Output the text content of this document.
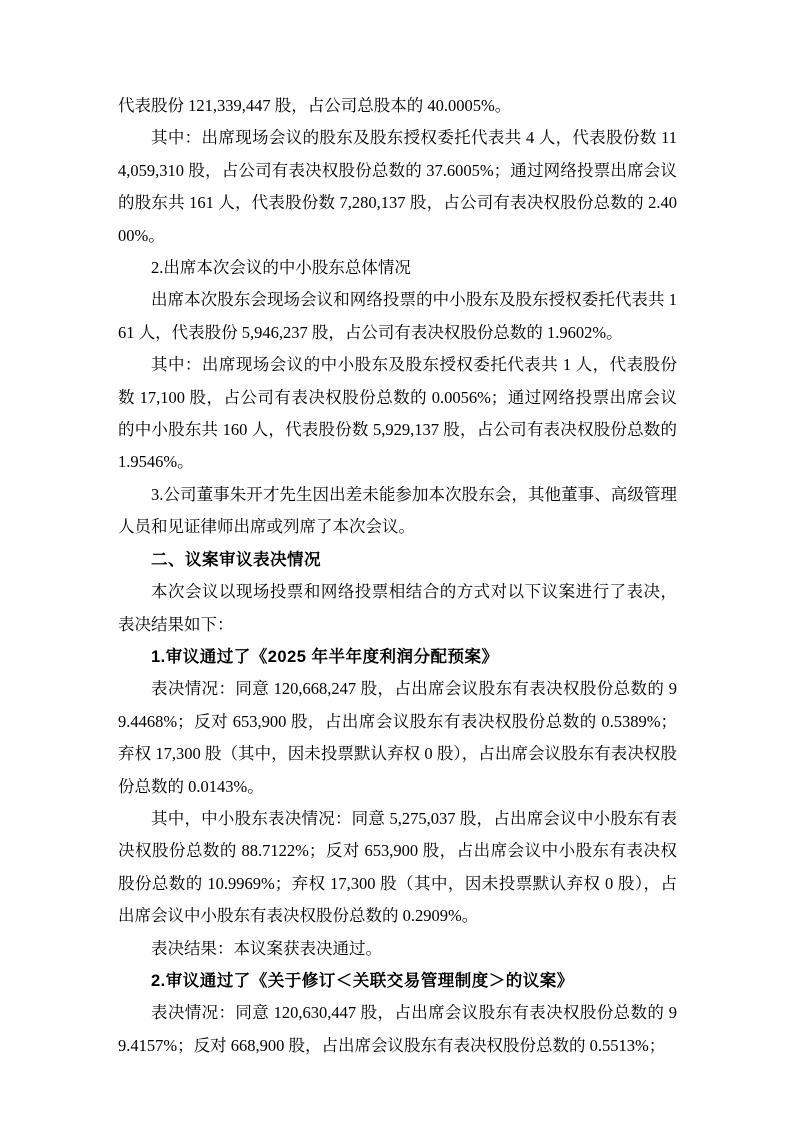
代表股份 121,339,447 股，占公司总股本的 40.0005%。

其中：出席现场会议的股东及股东授权委托代表共 4 人，代表股份数 114,059,310 股，占公司有表决权股份总数的 37.6005%；通过网络投票出席会议的股东共 161 人，代表股份数 7,280,137 股，占公司有表决权股份总数的 2.4000%。

2.出席本次会议的中小股东总体情况

出席本次股东会现场会议和网络投票的中小股东及股东授权委托代表共 161 人，代表股份 5,946,237 股，占公司有表决权股份总数的 1.9602%。

其中：出席现场会议的中小股东及股东授权委托代表共 1 人，代表股份数 17,100 股，占公司有表决权股份总数的 0.0056%；通过网络投票出席会议的中小股东共 160 人，代表股份数 5,929,137 股，占公司有表决权股份总数的 1.9546%。

3.公司董事朱开才先生因出差未能参加本次股东会，其他董事、高级管理人员和见证律师出席或列席了本次会议。

二、议案审议表决情况

本次会议以现场投票和网络投票相结合的方式对以下议案进行了表决，表决结果如下：

1.审议通过了《2025 年半年度利润分配预案》

表决情况：同意 120,668,247 股，占出席会议股东有表决权股份总数的 99.4468%；反对 653,900 股，占出席会议股东有表决权股份总数的 0.5389%；弃权 17,300 股（其中，因未投票默认弃权 0 股），占出席会议股东有表决权股份总数的 0.0143%。

其中，中小股东表决情况：同意 5,275,037 股，占出席会议中小股东有表决权股份总数的 88.7122%；反对 653,900 股，占出席会议中小股东有表决权股份总数的 10.9969%；弃权 17,300 股（其中，因未投票默认弃权 0 股），占出席会议中小股东有表决权股份总数的 0.2909%。

表决结果：本议案获表决通过。

2.审议通过了《关于修订＜关联交易管理制度＞的议案》

表决情况：同意 120,630,447 股，占出席会议股东有表决权股份总数的 99.4157%；反对 668,900 股，占出席会议股东有表决权股份总数的 0.5513%；
